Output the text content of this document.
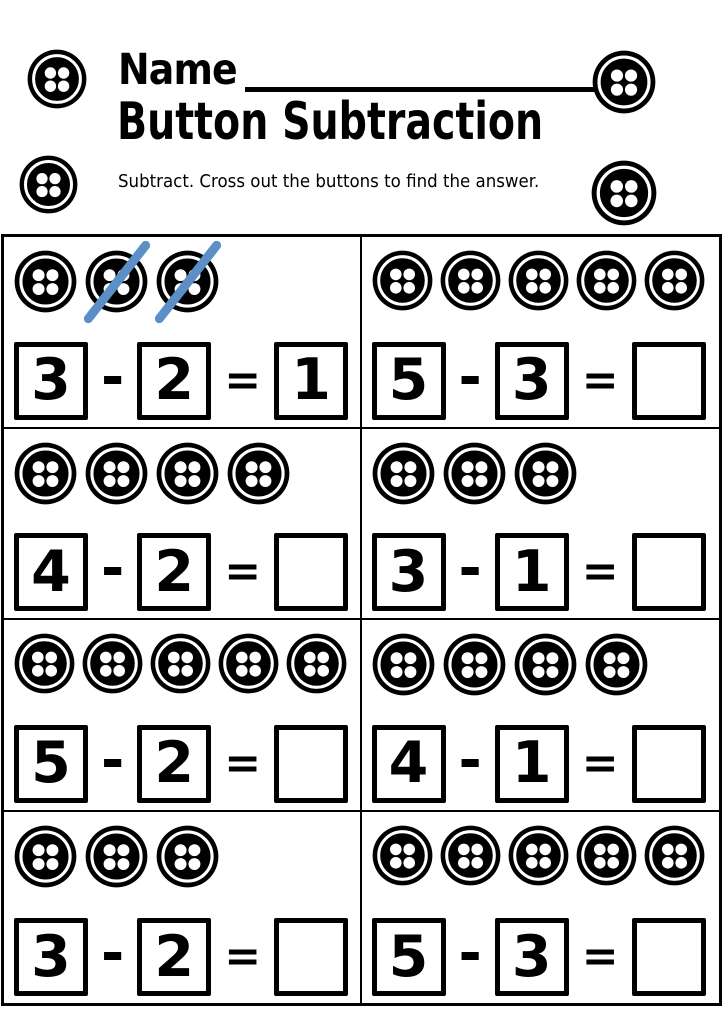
Name
Button Subtraction
Subtract. Cross out the buttons to find the answer.
3 - 2 = 1 5 - 3 =
4 - 2 = 3 - 1 =
5 - 2 = 4 - 1 =
3 - 2 = 5 - 3 =
